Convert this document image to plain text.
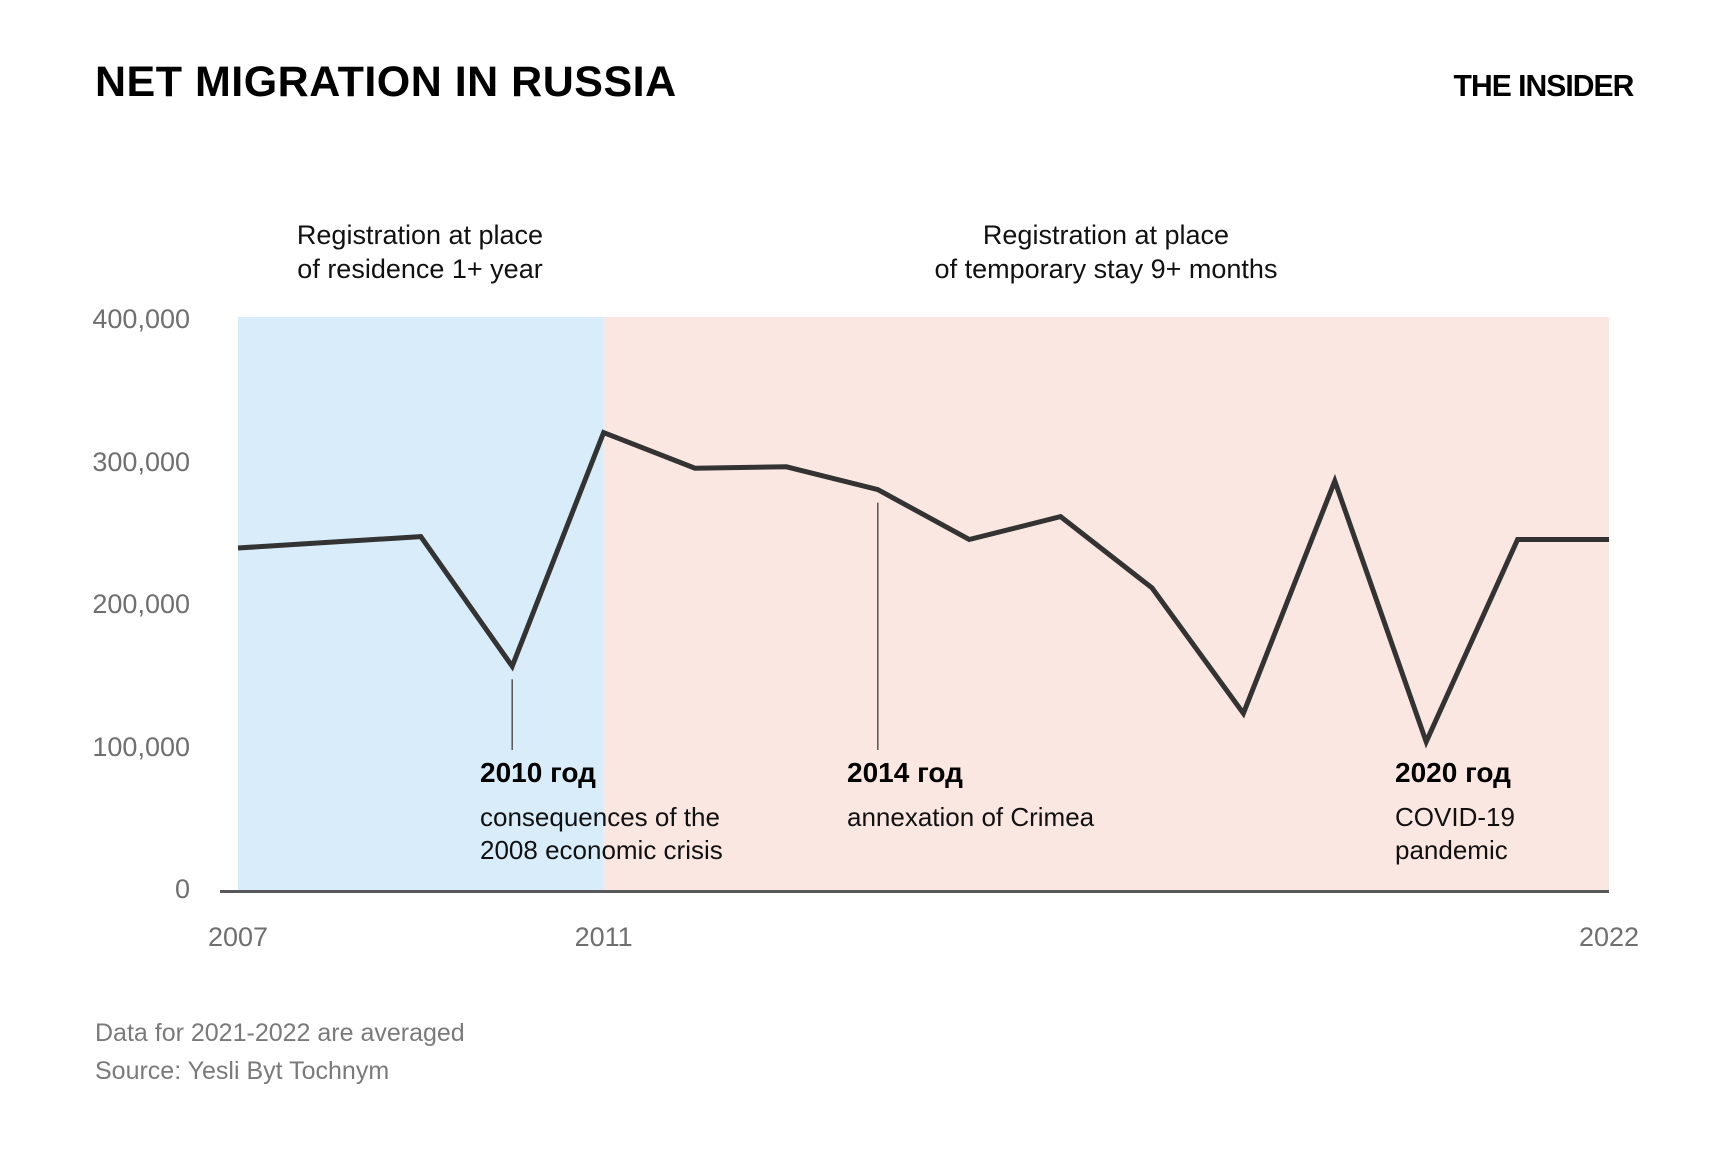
NET MIGRATION IN RUSSIA	THE INSIDER
Registration at place
of residence 1+ year
Registration at place
of temporary stay 9+ months
400,000
300,000
200,000
100,000
0
2007	2011	2022
2010 год
consequences of the
2008 economic crisis
2014 год
annexation of Crimea
2020 год
COVID-19
pandemic
Data for 2021-2022 are averaged
Source: Yesli Byt Tochnym
